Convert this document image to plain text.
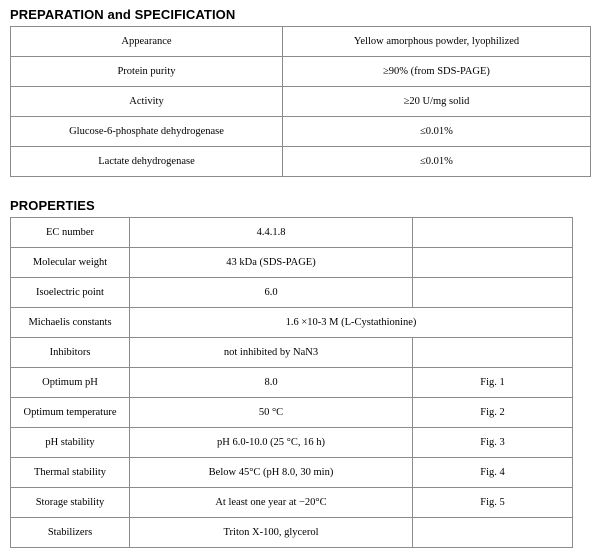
PREPARATION and SPECIFICATION
Appearance	Yellow amorphous powder, lyophilized
Protein purity	≥90% (from SDS-PAGE)
Activity	≥20 U/mg solid
Glucose-6-phosphate dehydrogenase	≤0.01%
Lactate dehydrogenase	≤0.01%
PROPERTIES
EC number	4.4.1.8	
Molecular weight	43 kDa (SDS-PAGE)	
Isoelectric point	6.0	
Michaelis constants	1.6 ×10-3 M (L-Cystathionine)	
Inhibitors	not inhibited by NaN3	
Optimum pH	8.0	Fig. 1
Optimum temperature	50 °C	Fig. 2
pH stability	pH 6.0-10.0 (25 °C, 16 h)	Fig. 3
Thermal stability	Below 45°C (pH 8.0, 30 min)	Fig. 4
Storage stability	At least one year at −20°C	Fig. 5
Stabilizers	Triton X-100, glycerol	
